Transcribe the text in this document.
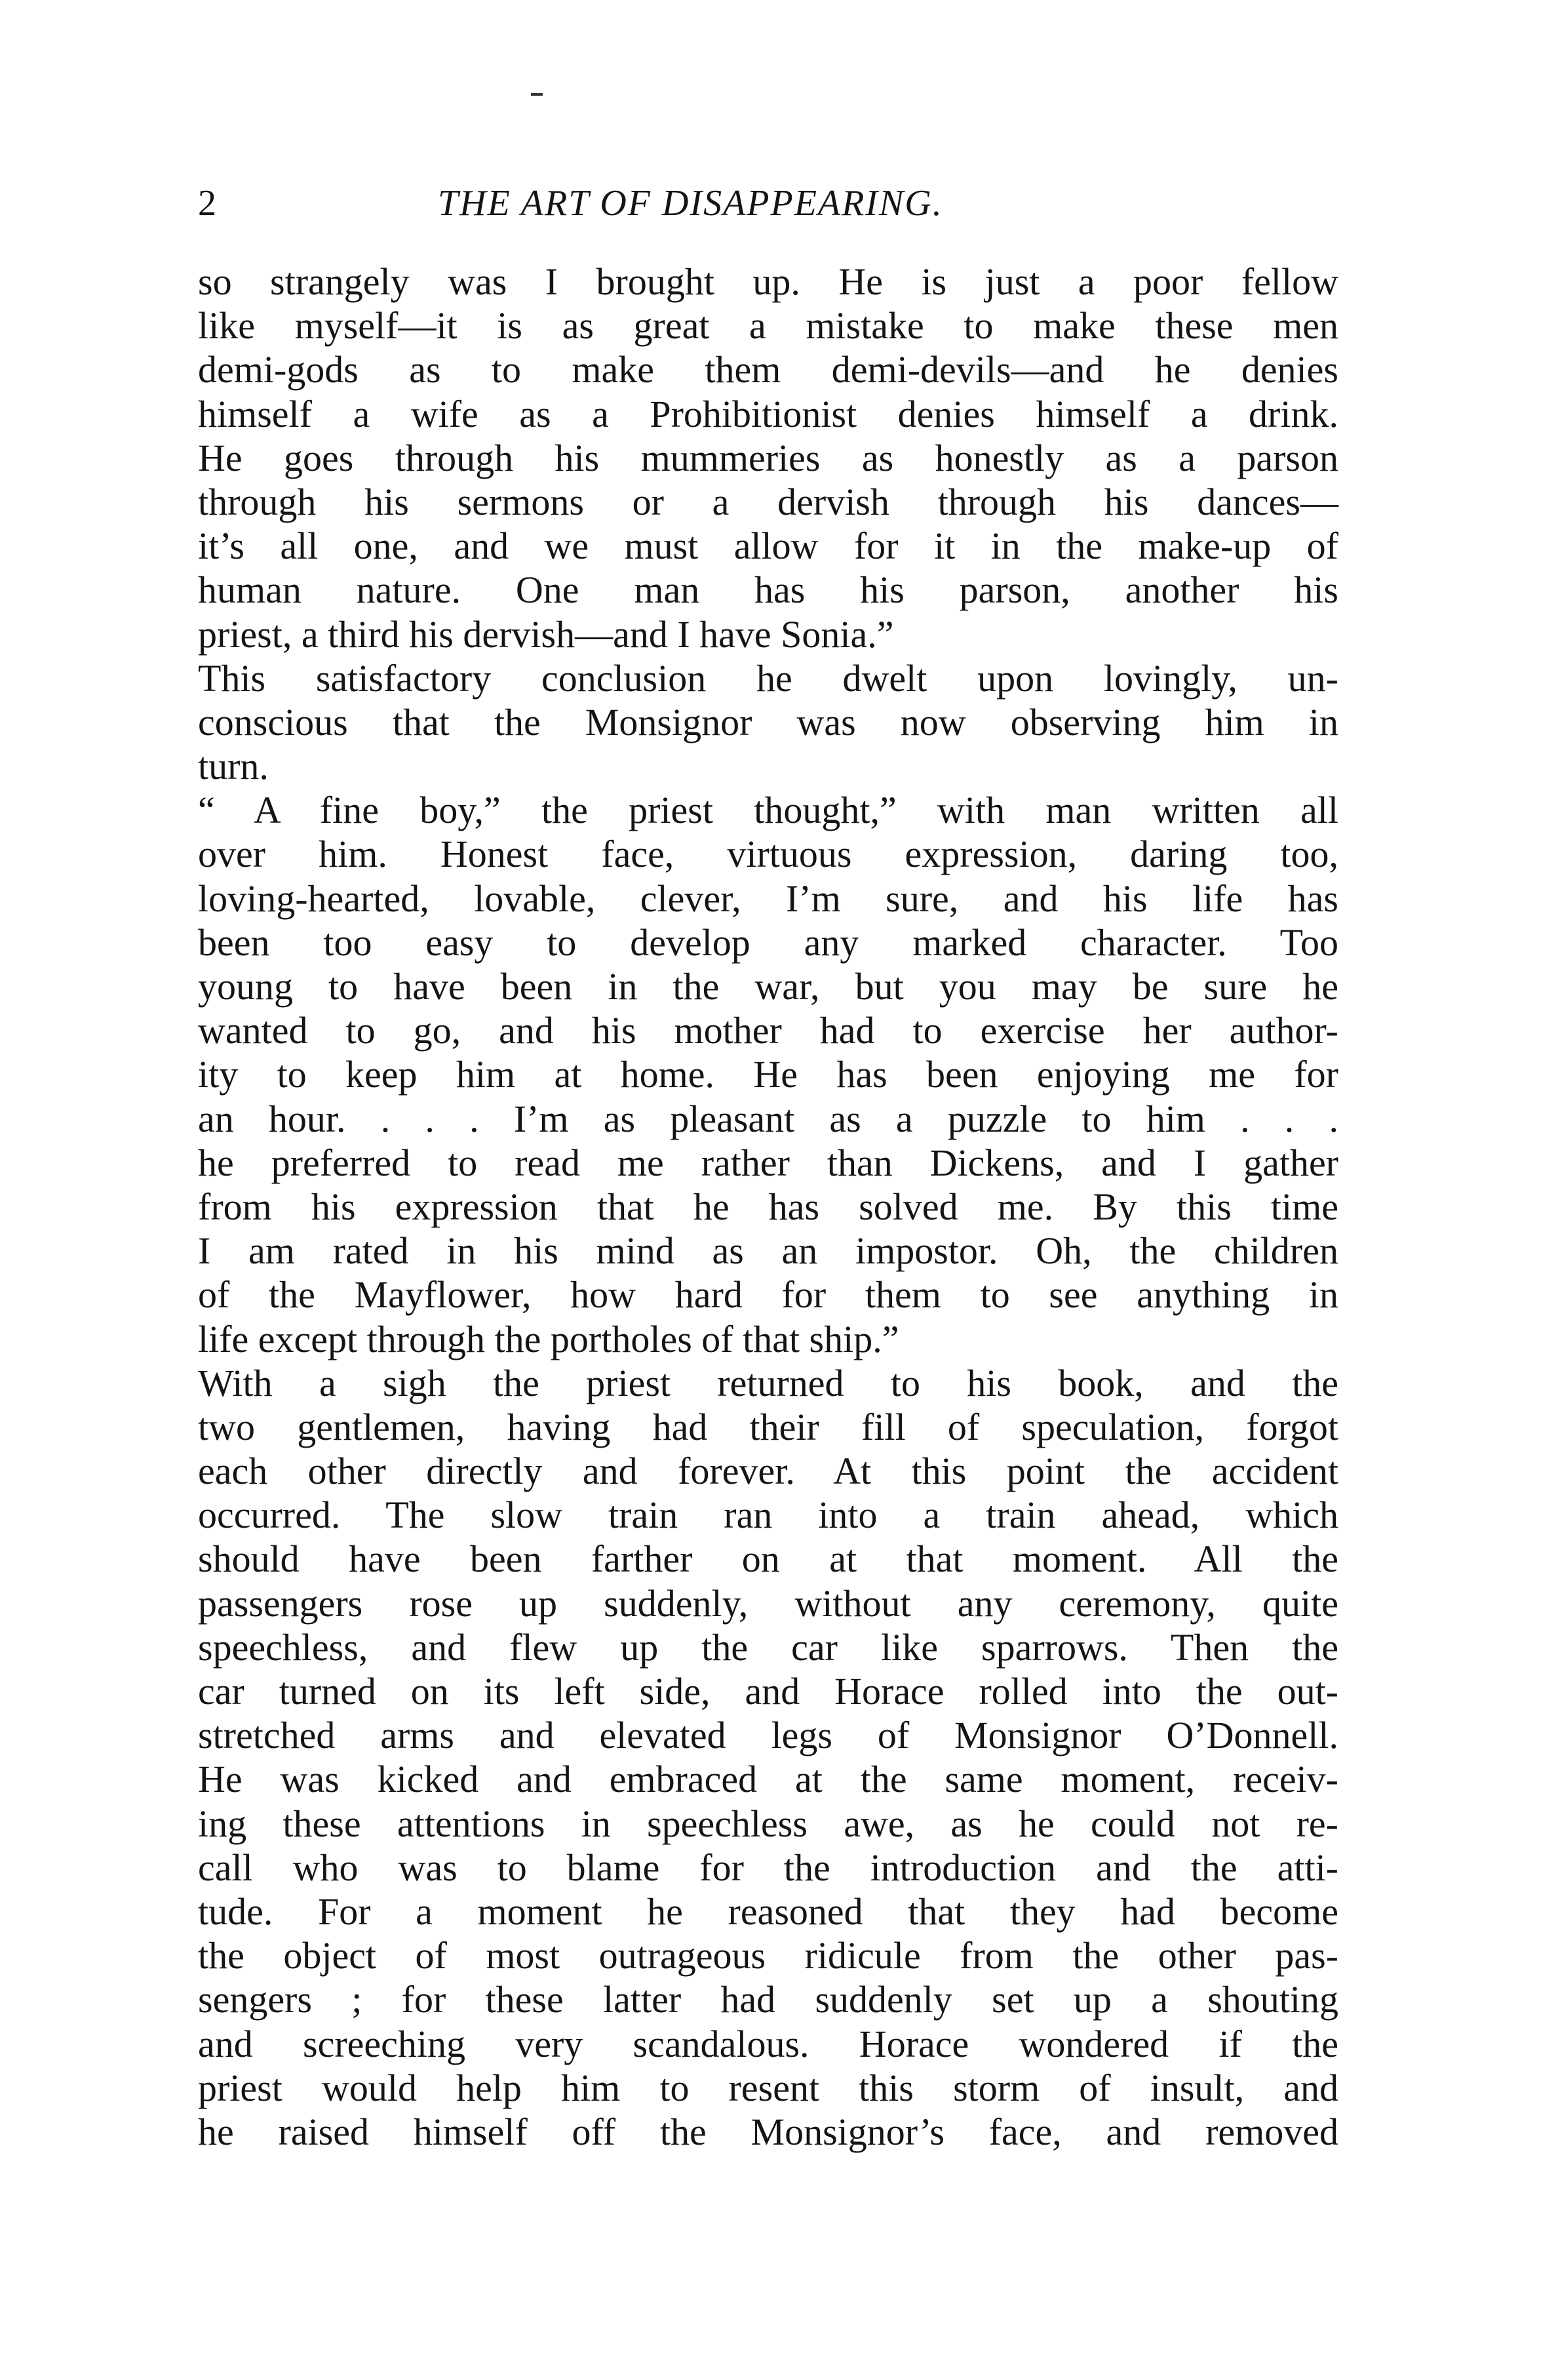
2	THE ART OF DISAPPEARING.
so strangely was I brought up. He is just a poor fellow
like myself—it is as great a mistake to make these men
demi-gods as to make them demi-devils—and he denies
himself a wife as a Prohibitionist denies himself a drink.
He goes through his mummeries as honestly as a parson
through his sermons or a dervish through his dances—
it’s all one, and we must allow for it in the make-up of
human nature. One man has his parson, another his
priest, a third his dervish—and I have Sonia.”
This satisfactory conclusion he dwelt upon lovingly, un-
conscious that the Monsignor was now observing him in
turn.
“ A fine boy,” the priest thought,” with man written all
over him. Honest face, virtuous expression, daring too,
loving-hearted, lovable, clever, I’m sure, and his life has
been too easy to develop any marked character. Too
young to have been in the war, but you may be sure he
wanted to go, and his mother had to exercise her author-
ity to keep him at home. He has been enjoying me for
an hour. . . . I’m as pleasant as a puzzle to him . . .
he preferred to read me rather than Dickens, and I gather
from his expression that he has solved me. By this time
I am rated in his mind as an impostor. Oh, the children
of the Mayflower, how hard for them to see anything in
life except through the portholes of that ship.”
With a sigh the priest returned to his book, and the
two gentlemen, having had their fill of speculation, forgot
each other directly and forever. At this point the accident
occurred. The slow train ran into a train ahead, which
should have been farther on at that moment. All the
passengers rose up suddenly, without any ceremony, quite
speechless, and flew up the car like sparrows. Then the
car turned on its left side, and Horace rolled into the out-
stretched arms and elevated legs of Monsignor O’Donnell.
He was kicked and embraced at the same moment, receiv-
ing these attentions in speechless awe, as he could not re-
call who was to blame for the introduction and the atti-
tude. For a moment he reasoned that they had become
the object of most outrageous ridicule from the other pas-
sengers ; for these latter had suddenly set up a shouting
and screeching very scandalous. Horace wondered if the
priest would help him to resent this storm of insult, and
he raised himself off the Monsignor’s face, and removed
